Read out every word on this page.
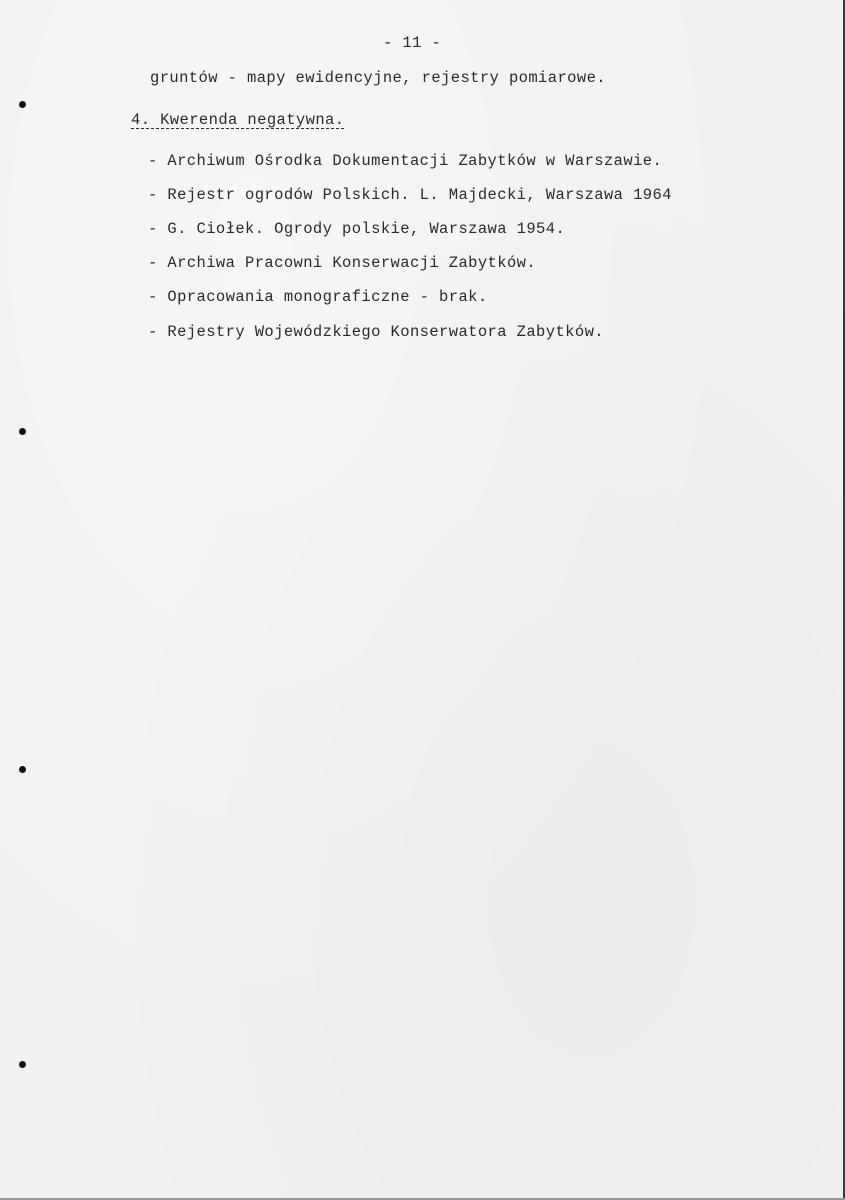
- 11 -
gruntów - mapy ewidencyjne, rejestry pomiarowe.
4. Kwerenda negatywna.
- Archiwum Ośrodka Dokumentacji Zabytków w Warszawie.
- Rejestr ogrodów Polskich. L. Majdecki, Warszawa 1964
- G. Ciołek. Ogrody polskie, Warszawa 1954.
- Archiwa Pracowni Konserwacji Zabytków.
- Opracowania monograficzne - brak.
- Rejestry Wojewódzkiego Konserwatora Zabytków.
